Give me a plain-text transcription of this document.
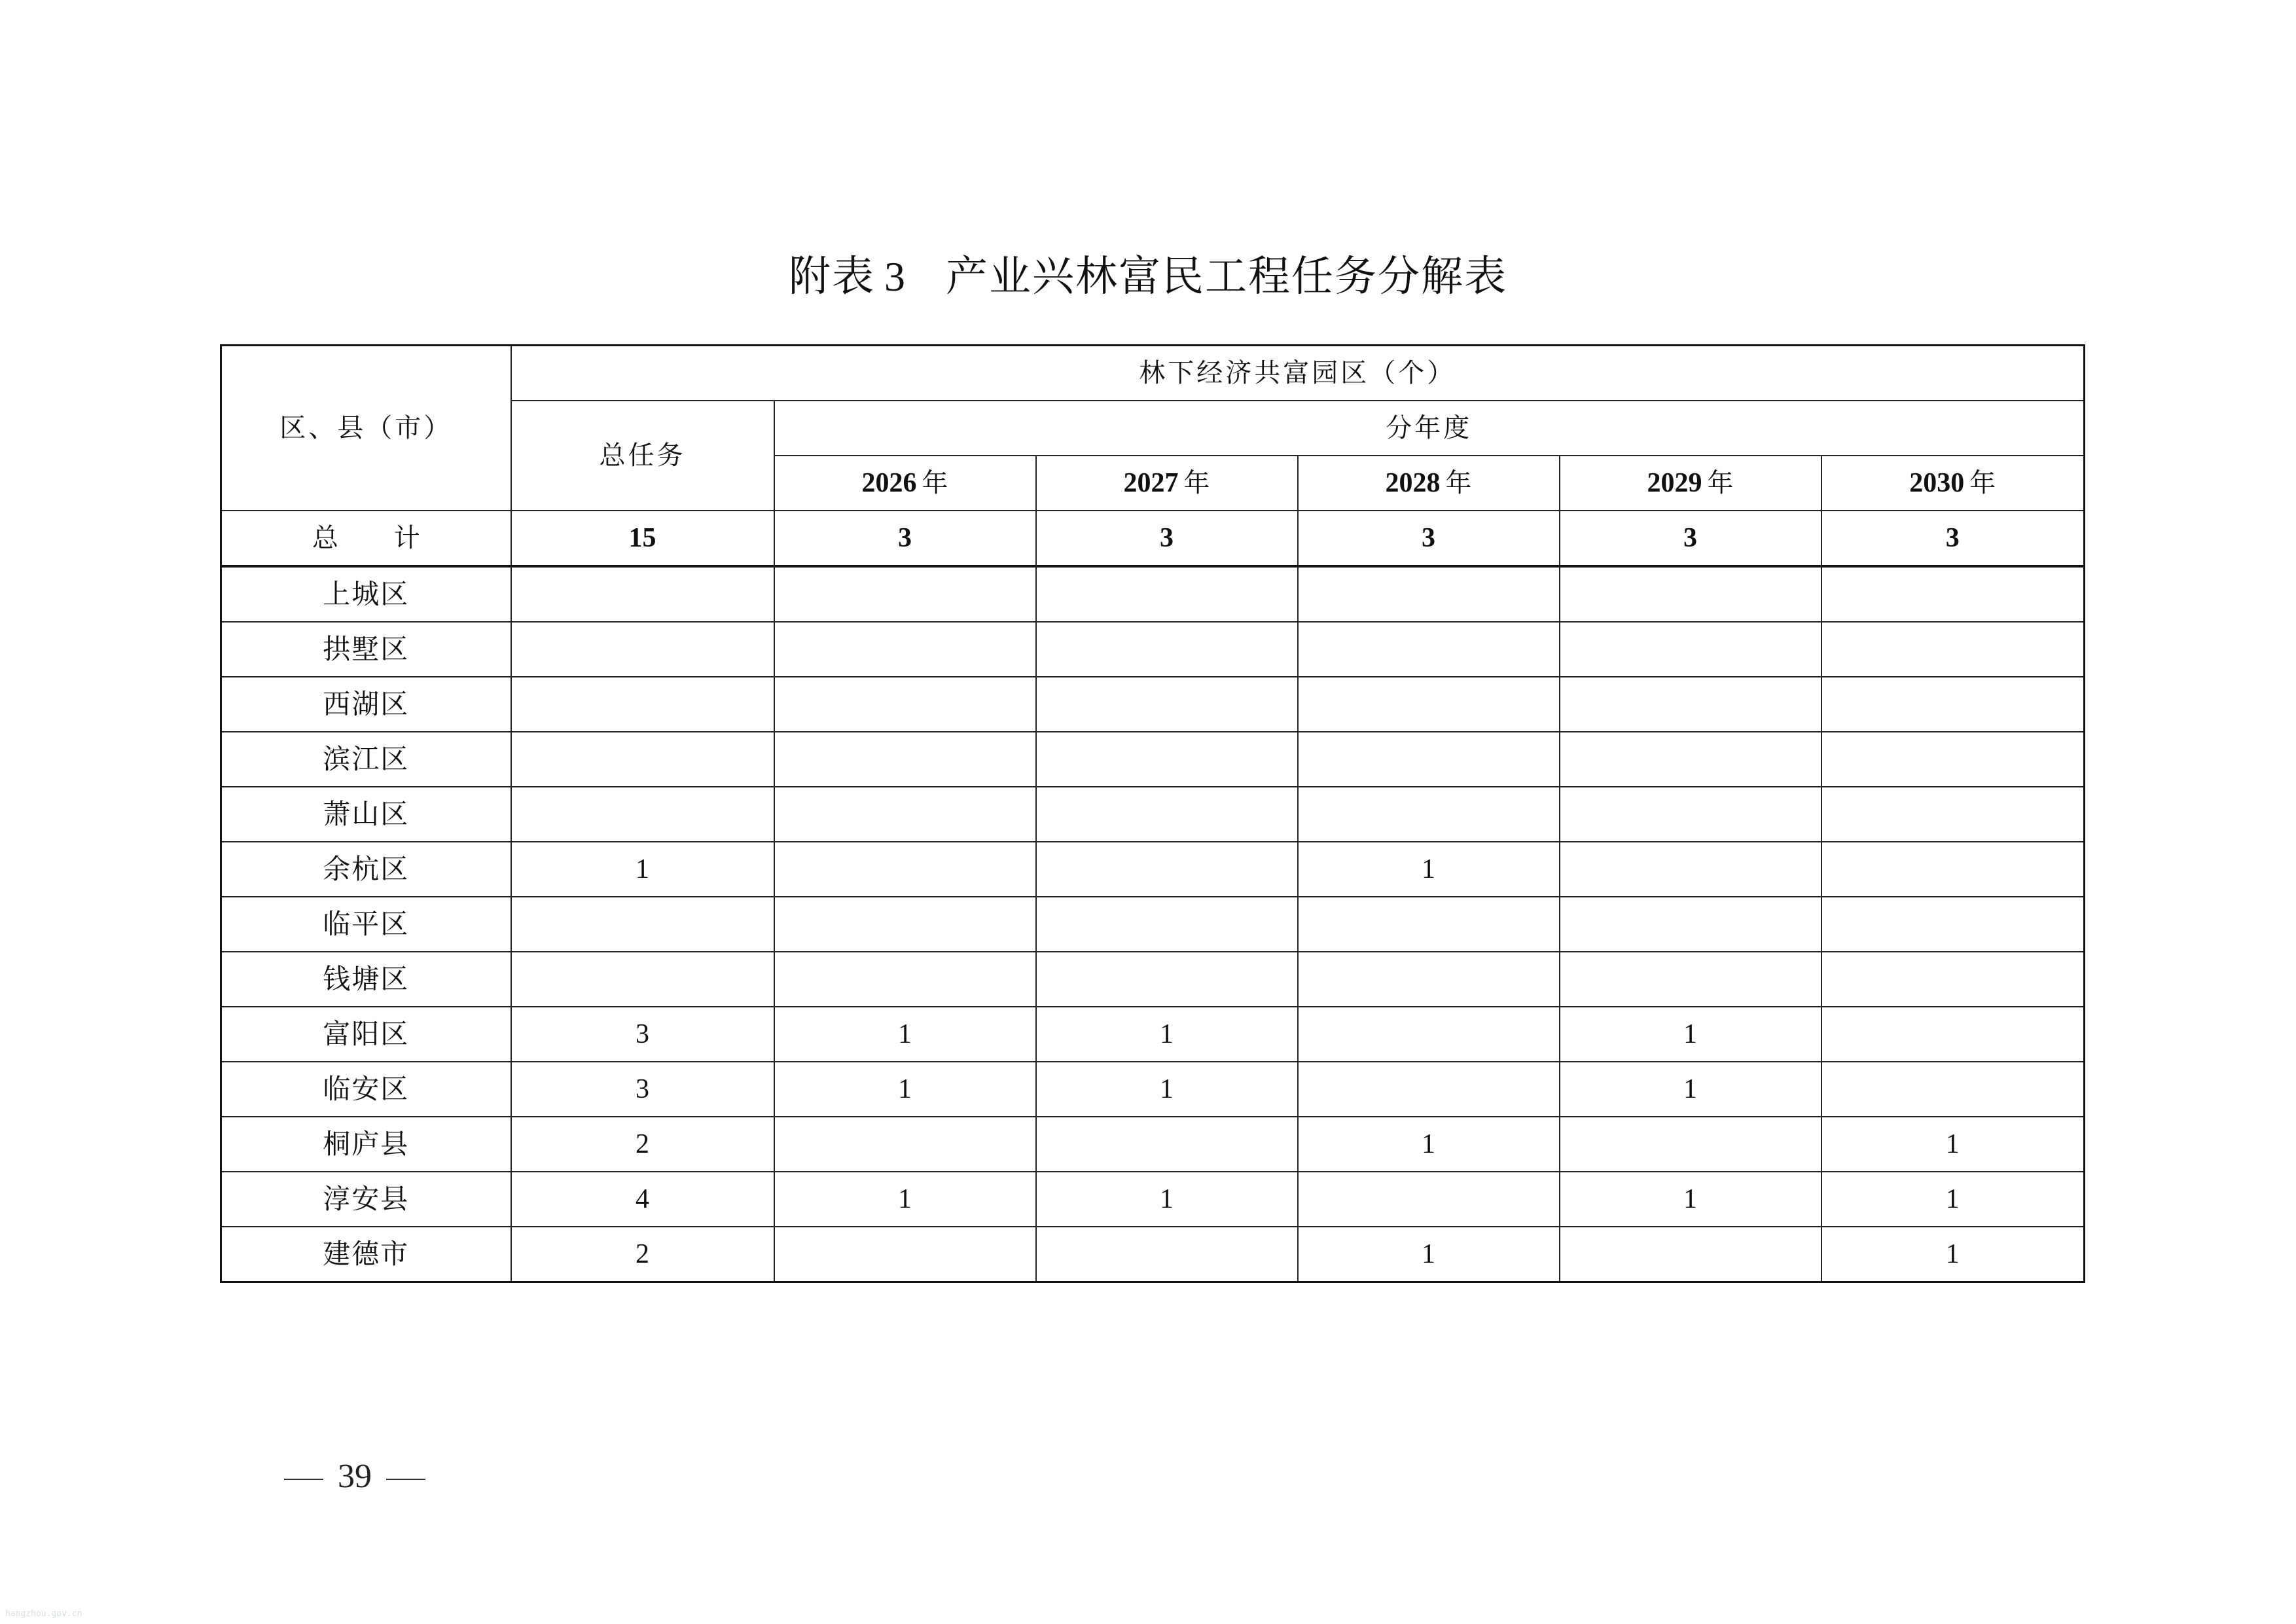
附表 3 产业兴林富民工程任务分解表
区、县（市）	林下经济共富园区（个）					
	总任务	分年度				
		2026 年	2027 年	2028 年	2029 年	2030 年
总 计	15	3	3	3	3	3
上城区						
拱墅区						
西湖区						
滨江区						
萧山区						
余杭区	1			1		
临平区						
钱塘区						
富阳区	3	1	1		1	
临安区	3	1	1		1	
桐庐县	2			1		1
淳安县	4	1	1		1	1
建德市	2			1		1
39
hangzhou.gov.cn
